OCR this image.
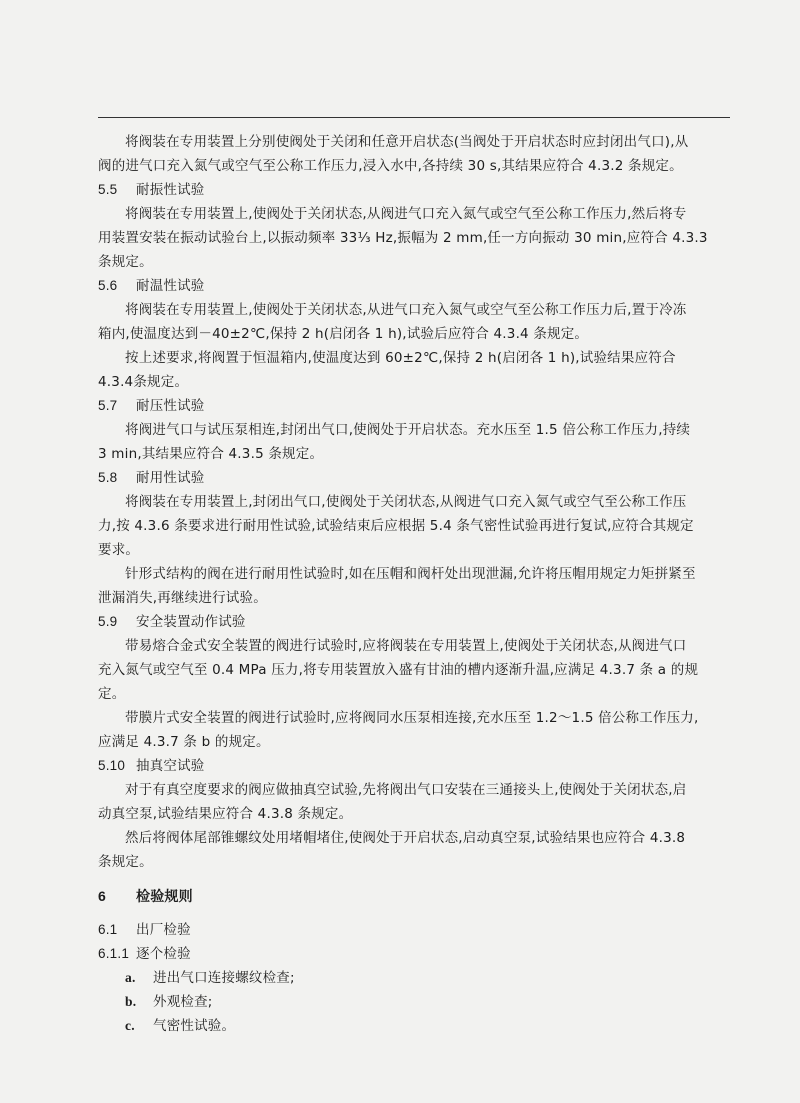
将阀装在专用装置上分别使阀处于关闭和任意开启状态(当阀处于开启状态时应封闭出气口),从
阀的进气口充入氮气或空气至公称工作压力,浸入水中,各持续 30 s,其结果应符合 4.3.2 条规定。
5.5 耐振性试验
将阀装在专用装置上,使阀处于关闭状态,从阀进气口充入氮气或空气至公称工作压力,然后将专
用装置安装在振动试验台上,以振动频率 33⅓ Hz,振幅为 2 mm,任一方向振动 30 min,应符合 4.3.3
条规定。
5.6 耐温性试验
将阀装在专用装置上,使阀处于关闭状态,从进气口充入氮气或空气至公称工作压力后,置于冷冻
箱内,使温度达到－40±2℃,保持 2 h(启闭各 1 h),试验后应符合 4.3.4 条规定。
按上述要求,将阀置于恒温箱内,使温度达到 60±2℃,保持 2 h(启闭各 1 h),试验结果应符合
4.3.4条规定。
5.7 耐压性试验
将阀进气口与试压泵相连,封闭出气口,使阀处于开启状态。充水压至 1.5 倍公称工作压力,持续
3 min,其结果应符合 4.3.5 条规定。
5.8 耐用性试验
将阀装在专用装置上,封闭出气口,使阀处于关闭状态,从阀进气口充入氮气或空气至公称工作压
力,按 4.3.6 条要求进行耐用性试验,试验结束后应根据 5.4 条气密性试验再进行复试,应符合其规定
要求。
针形式结构的阀在进行耐用性试验时,如在压帽和阀杆处出现泄漏,允许将压帽用规定力矩拼紧至
泄漏消失,再继续进行试验。
5.9 安全装置动作试验
带易熔合金式安全装置的阀进行试验时,应将阀装在专用装置上,使阀处于关闭状态,从阀进气口
充入氮气或空气至 0.4 MPa 压力,将专用装置放入盛有甘油的槽内逐渐升温,应满足 4.3.7 条 a 的规
定。
带膜片式安全装置的阀进行试验时,应将阀同水压泵相连接,充水压至 1.2～1.5 倍公称工作压力,
应满足 4.3.7 条 b 的规定。
5.10 抽真空试验
对于有真空度要求的阀应做抽真空试验,先将阀出气口安装在三通接头上,使阀处于关闭状态,启
动真空泵,试验结果应符合 4.3.8 条规定。
然后将阀体尾部锥螺纹处用堵帽堵住,使阀处于开启状态,启动真空泵,试验结果也应符合 4.3.8
条规定。
6 检验规则
6.1 出厂检验
6.1.1 逐个检验
a. 进出气口连接螺纹检查;
b. 外观检查;
c. 气密性试验。
